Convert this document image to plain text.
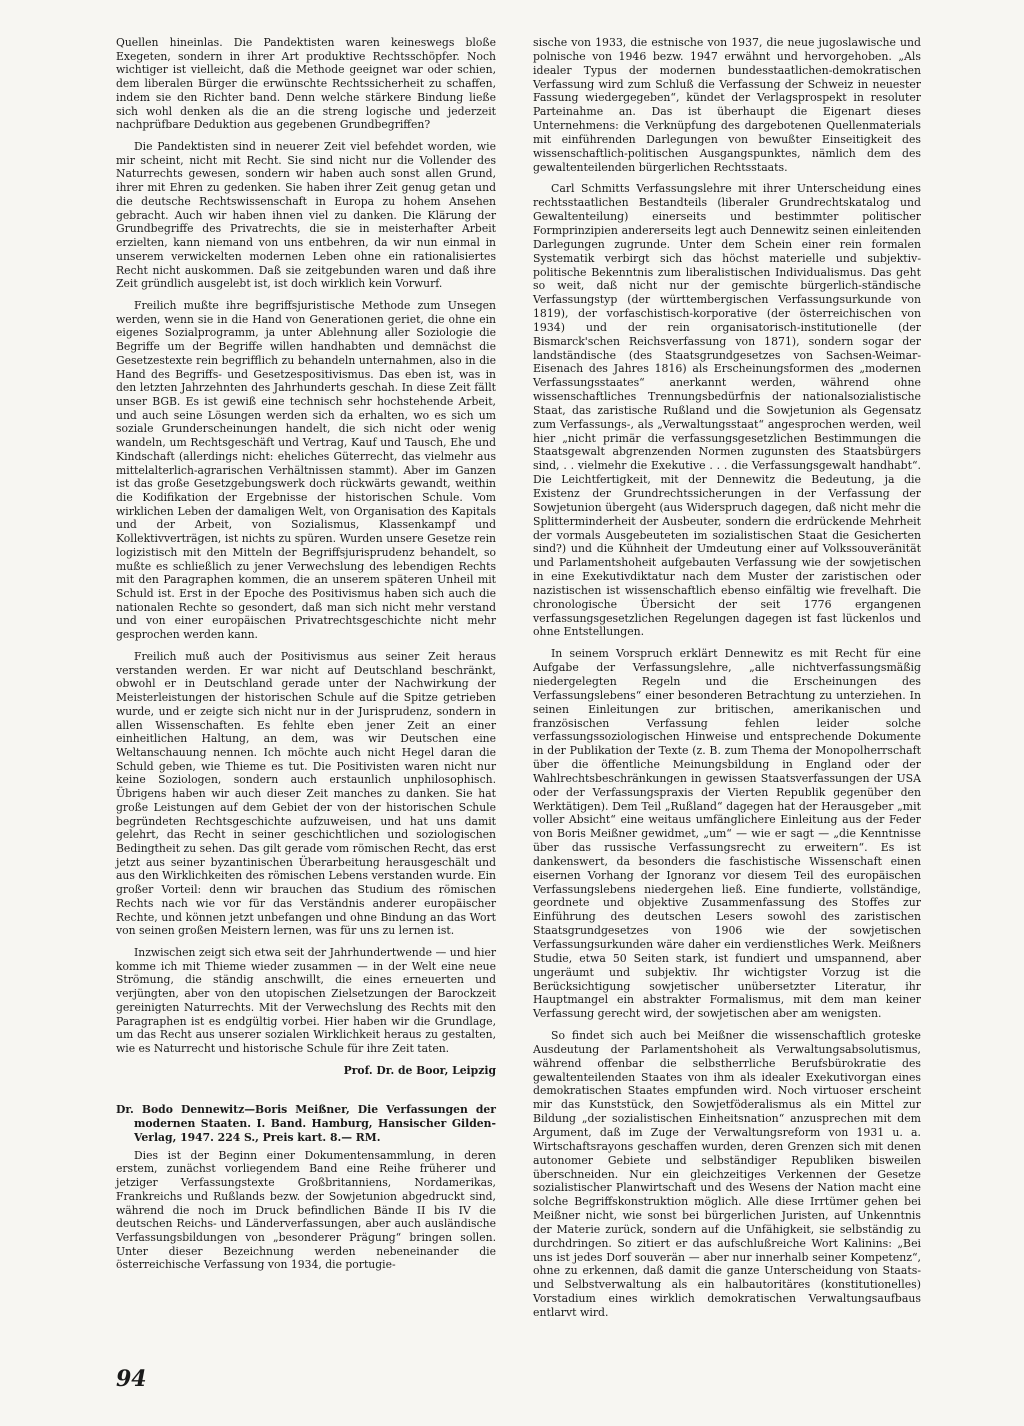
Quellen hineinlas. Die Pandektisten waren keineswegs bloße Exegeten, sondern in ihrer Art produktive Rechtsschöpfer. Noch wichtiger ist vielleicht, daß die Methode geeignet war oder schien, dem liberalen Bürger die erwünschte Rechtssicherheit zu schaffen, indem sie den Richter band. Denn welche stärkere Bindung ließe sich wohl denken als die an die streng logische und jederzeit nachprüfbare Deduktion aus gegebenen Grundbegriffen?

Die Pandektisten sind in neuerer Zeit viel befehdet worden, wie mir scheint, nicht mit Recht. Sie sind nicht nur die Vollender des Naturrechts gewesen, sondern wir haben auch sonst allen Grund, ihrer mit Ehren zu gedenken. Sie haben ihrer Zeit genug getan und die deutsche Rechtswissenschaft in Europa zu hohem Ansehen gebracht. Auch wir haben ihnen viel zu danken. Die Klärung der Grundbegriffe des Privatrechts, die sie in meisterhafter Arbeit erzielten, kann niemand von uns entbehren, da wir nun einmal in unserem verwickelten modernen Leben ohne ein rationalisiertes Recht nicht auskommen. Daß sie zeitgebunden waren und daß ihre Zeit gründlich ausgelebt ist, ist doch wirklich kein Vorwurf.

Freilich mußte ihre begriffsjuristische Methode zum Unsegen werden, wenn sie in die Hand von Generationen geriet, die ohne ein eigenes Sozialprogramm, ja unter Ablehnung aller Soziologie die Begriffe um der Begriffe willen handhabten und demnächst die Gesetzestexte rein begrifflich zu behandeln unternahmen, also in die Hand des Begriffs- und Gesetzespositivismus. Das eben ist, was in den letzten Jahrzehnten des Jahrhunderts geschah. In diese Zeit fällt unser BGB. Es ist gewiß eine technisch sehr hochstehende Arbeit, und auch seine Lösungen werden sich da erhalten, wo es sich um soziale Grunderscheinungen handelt, die sich nicht oder wenig wandeln, um Rechtsgeschäft und Vertrag, Kauf und Tausch, Ehe und Kindschaft (allerdings nicht: eheliches Güterrecht, das vielmehr aus mittelalterlich-agrarischen Verhältnissen stammt). Aber im Ganzen ist das große Gesetzgebungswerk doch rückwärts gewandt, weithin die Kodifikation der Ergebnisse der historischen Schule. Vom wirklichen Leben der damaligen Welt, von Organisation des Kapitals und der Arbeit, von Sozialismus, Klassenkampf und Kollektivverträgen, ist nichts zu spüren. Wurden unsere Gesetze rein logizistisch mit den Mitteln der Begriffsjurisprudenz behandelt, so mußte es schließlich zu jener Verwechslung des lebendigen Rechts mit den Paragraphen kommen, die an unserem späteren Unheil mit Schuld ist. Erst in der Epoche des Positivismus haben sich auch die nationalen Rechte so gesondert, daß man sich nicht mehr verstand und von einer europäischen Privatrechtsgeschichte nicht mehr gesprochen werden kann.

Freilich muß auch der Positivismus aus seiner Zeit heraus verstanden werden. Er war nicht auf Deutschland beschränkt, obwohl er in Deutschland gerade unter der Nachwirkung der Meisterleistungen der historischen Schule auf die Spitze getrieben wurde, und er zeigte sich nicht nur in der Jurisprudenz, sondern in allen Wissenschaften. Es fehlte eben jener Zeit an einer einheitlichen Haltung, an dem, was wir Deutschen eine Weltanschauung nennen. Ich möchte auch nicht Hegel daran die Schuld geben, wie Thieme es tut. Die Positivisten waren nicht nur keine Soziologen, sondern auch erstaunlich unphilosophisch. Übrigens haben wir auch dieser Zeit manches zu danken. Sie hat große Leistungen auf dem Gebiet der von der historischen Schule begründeten Rechtsgeschichte aufzuweisen, und hat uns damit gelehrt, das Recht in seiner geschichtlichen und soziologischen Bedingtheit zu sehen. Das gilt gerade vom römischen Recht, das erst jetzt aus seiner byzantinischen Überarbeitung herausgeschält und aus den Wirklichkeiten des römischen Lebens verstanden wurde. Ein großer Vorteil: denn wir brauchen das Studium des römischen Rechts nach wie vor für das Verständnis anderer europäischer Rechte, und können jetzt unbefangen und ohne Bindung an das Wort von seinen großen Meistern lernen, was für uns zu lernen ist.

Inzwischen zeigt sich etwa seit der Jahrhundertwende — und hier komme ich mit Thieme wieder zusammen — in der Welt eine neue Strömung, die ständig anschwillt, die eines erneuerten und verjüngten, aber von den utopischen Zielsetzungen der Barockzeit gereinigten Naturrechts. Mit der Verwechslung des Rechts mit den Paragraphen ist es endgültig vorbei. Hier haben wir die Grundlage, um das Recht aus unserer sozialen Wirklichkeit heraus zu gestalten, wie es Naturrecht und historische Schule für ihre Zeit taten.

Prof. Dr. de Boor, Leipzig
Dr. Bodo Dennewitz—Boris Meißner, Die Verfassungen der modernen Staaten. I. Band. Hamburg, Hansischer Gilden-Verlag, 1947. 224 S., Preis kart. 8.— RM.

Dies ist der Beginn einer Dokumentensammlung, in deren erstem, zunächst vorliegendem Band eine Reihe früherer und jetziger Verfassungstexte Großbritanniens, Nordamerikas, Frankreichs und Rußlands bezw. der Sowjetunion abgedruckt sind, während die noch im Druck befindlichen Bände II bis IV die deutschen Reichs- und Länderverfassungen, aber auch ausländische Verfassungsbildungen von „besonderer Prägung“ bringen sollen. Unter dieser Bezeichnung werden nebeneinander die österreichische Verfassung von 1934, die portugie-

sische von 1933, die estnische von 1937, die neue jugoslawische und polnische von 1946 bezw. 1947 erwähnt und hervorgehoben. „Als idealer Typus der modernen bundesstaatlichen-demokratischen Verfassung wird zum Schluß die Verfassung der Schweiz in neuester Fassung wiedergegeben“, kündet der Verlagsprospekt in resoluter Parteinahme an. Das ist überhaupt die Eigenart dieses Unternehmens: die Verknüpfung des dargebotenen Quellenmaterials mit einführenden Darlegungen von bewußter Einseitigkeit des wissenschaftlich-politischen Ausgangspunktes, nämlich dem des gewaltenteilenden bürgerlichen Rechtsstaats.

Carl Schmitts Verfassungslehre mit ihrer Unterscheidung eines rechtsstaatlichen Bestandteils (liberaler Grundrechtskatalog und Gewaltenteilung) einerseits und bestimmter politischer Formprinzipien andererseits legt auch Dennewitz seinen einleitenden Darlegungen zugrunde. Unter dem Schein einer rein formalen Systematik verbirgt sich das höchst materielle und subjektiv-politische Bekenntnis zum liberalistischen Individualismus. Das geht so weit, daß nicht nur der gemischte bürgerlich-ständische Verfassungstyp (der württembergischen Verfassungsurkunde von 1819), der vorfaschistisch-korporative (der österreichischen von 1934) und der rein organisatorisch-institutionelle (der Bismarck'schen Reichsverfassung von 1871), sondern sogar der landständische (des Staatsgrundgesetzes von Sachsen-Weimar-Eisenach des Jahres 1816) als Erscheinungsformen des „modernen Verfassungsstaates“ anerkannt werden, während ohne wissenschaftliches Trennungsbedürfnis der nationalsozialistische Staat, das zaristische Rußland und die Sowjetunion als Gegensatz zum Verfassungs-, als „Verwaltungsstaat“ angesprochen werden, weil hier „nicht primär die verfassungsgesetzlichen Bestimmungen die Staatsgewalt abgrenzenden Normen zugunsten des Staatsbürgers sind, . . vielmehr die Exekutive . . . die Verfassungsgewalt handhabt“. Die Leichtfertigkeit, mit der Dennewitz die Bedeutung, ja die Existenz der Grundrechtssicherungen in der Verfassung der Sowjetunion übergeht (aus Widerspruch dagegen, daß nicht mehr die Splitterminderheit der Ausbeuter, sondern die erdrückende Mehrheit der vormals Ausgebeuteten im sozialistischen Staat die Gesicherten sind?) und die Kühnheit der Umdeutung einer auf Volkssouveränität und Parlamentshoheit aufgebauten Verfassung wie der sowjetischen in eine Exekutivdiktatur nach dem Muster der zaristischen oder nazistischen ist wissenschaftlich ebenso einfältig wie frevelhaft. Die chronologische Übersicht der seit 1776 ergangenen verfassungsgesetzlichen Regelungen dagegen ist fast lückenlos und ohne Entstellungen.

In seinem Vorspruch erklärt Dennewitz es mit Recht für eine Aufgabe der Verfassungslehre, „alle nichtverfassungsmäßig niedergelegten Regeln und die Erscheinungen des Verfassungslebens“ einer besonderen Betrachtung zu unterziehen. In seinen Einleitungen zur britischen, amerikanischen und französischen Verfassung fehlen leider solche verfassungssoziologischen Hinweise und entsprechende Dokumente in der Publikation der Texte (z. B. zum Thema der Monopolherrschaft über die öffentliche Meinungsbildung in England oder der Wahlrechtsbeschränkungen in gewissen Staatsverfassungen der USA oder der Verfassungspraxis der Vierten Republik gegenüber den Werktätigen). Dem Teil „Rußland“ dagegen hat der Herausgeber „mit voller Absicht“ eine weitaus umfänglichere Einleitung aus der Feder von Boris Meißner gewidmet, „um“ — wie er sagt — „die Kenntnisse über das russische Verfassungsrecht zu erweitern“. Es ist dankenswert, da besonders die faschistische Wissenschaft einen eisernen Vorhang der Ignoranz vor diesem Teil des europäischen Verfassungslebens niedergehen ließ. Eine fundierte, vollständige, geordnete und objektive Zusammenfassung des Stoffes zur Einführung des deutschen Lesers sowohl des zaristischen Staatsgrundgesetzes von 1906 wie der sowjetischen Verfassungsurkunden wäre daher ein verdienstliches Werk. Meißners Studie, etwa 50 Seiten stark, ist fundiert und umspannend, aber ungeräumt und subjektiv. Ihr wichtigster Vorzug ist die Berücksichtigung sowjetischer unübersetzter Literatur, ihr Hauptmangel ein abstrakter Formalismus, mit dem man keiner Verfassung gerecht wird, der sowjetischen aber am wenigsten.

So findet sich auch bei Meißner die wissenschaftlich groteske Ausdeutung der Parlamentshoheit als Verwaltungsabsolutismus, während offenbar die selbstherrliche Berufsbürokratie des gewaltenteilenden Staates von ihm als idealer Exekutivorgan eines demokratischen Staates empfunden wird. Noch virtuoser erscheint mir das Kunststück, den Sowjetföderalismus als ein Mittel zur Bildung „der sozialistischen Einheitsnation“ anzusprechen mit dem Argument, daß im Zuge der Verwaltungsreform von 1931 u. a. Wirtschaftsrayons geschaffen wurden, deren Grenzen sich mit denen autonomer Gebiete und selbständiger Republiken bisweilen überschneiden. Nur ein gleichzeitiges Verkennen der Gesetze sozialistischer Planwirtschaft und des Wesens der Nation macht eine solche Begriffskonstruktion möglich. Alle diese Irrtümer gehen bei Meißner nicht, wie sonst bei bürgerlichen Juristen, auf Unkenntnis der Materie zurück, sondern auf die Unfähigkeit, sie selbständig zu durchdringen. So zitiert er das aufschlußreiche Wort Kalinins: „Bei uns ist jedes Dorf souverän — aber nur innerhalb seiner Kompetenz“, ohne zu erkennen, daß damit die ganze Unterscheidung von Staats- und Selbstverwaltung als ein halbautoritäres (konstitutionelles) Vorstadium eines wirklich demokratischen Verwaltungsaufbaus entlarvt wird.

94
